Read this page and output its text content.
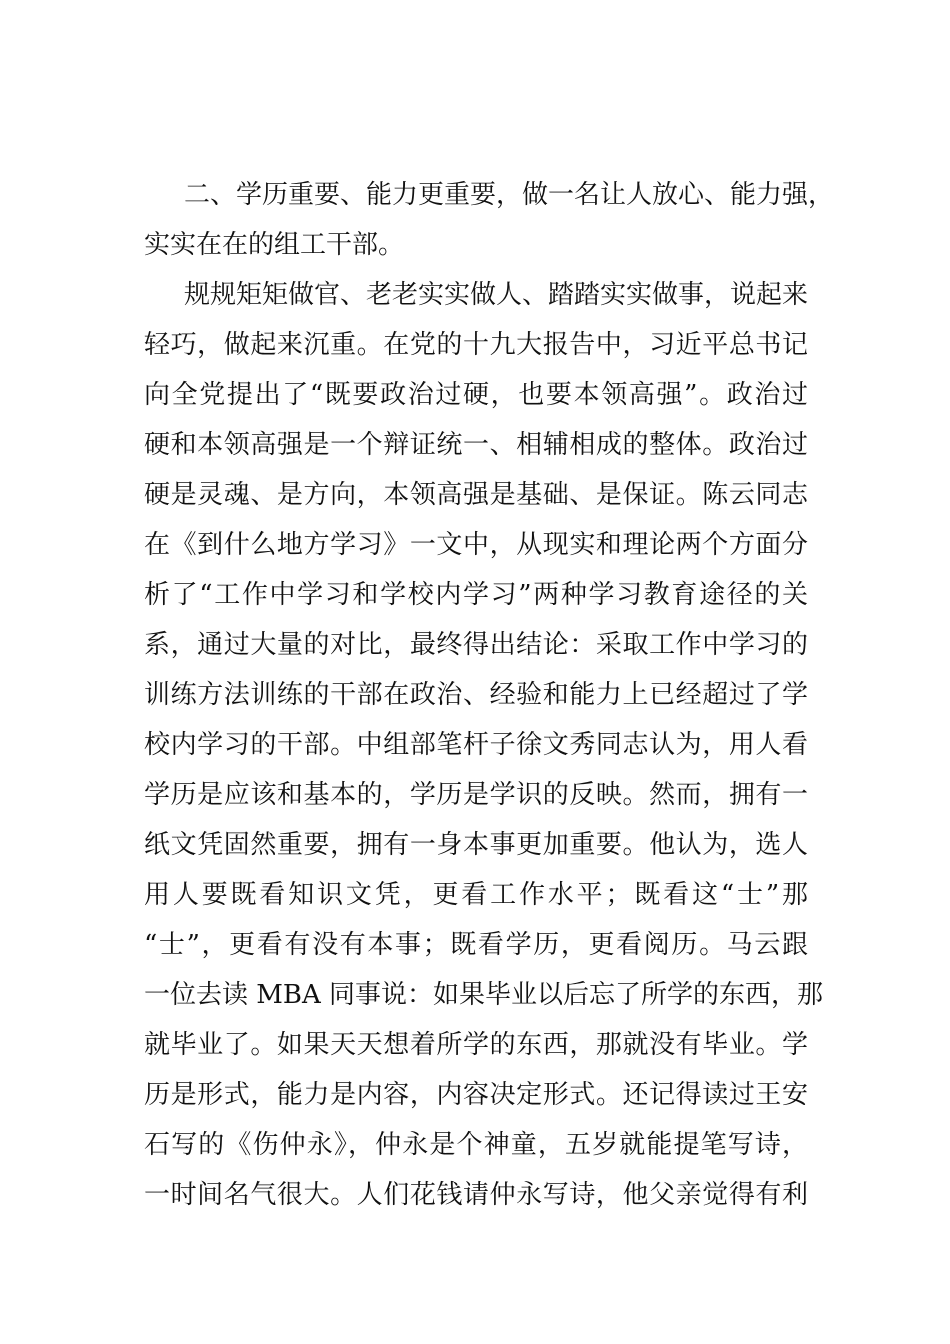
二、学历重要、能力更重要，做一名让人放心、能力强，
实实在在的组工干部。
规规矩矩做官、老老实实做人、踏踏实实做事，说起来
轻巧，做起来沉重。在党的十九大报告中，习近平总书记
向全党提出了“既要政治过硬，也要本领高强”。政治过
硬和本领高强是一个辩证统一、相辅相成的整体。政治过
硬是灵魂、是方向，本领高强是基础、是保证。陈云同志
在《到什么地方学习》一文中，从现实和理论两个方面分
析了“工作中学习和学校内学习”两种学习教育途径的关
系，通过大量的对比，最终得出结论：采取工作中学习的
训练方法训练的干部在政治、经验和能力上已经超过了学
校内学习的干部。中组部笔杆子徐文秀同志认为，用人看
学历是应该和基本的，学历是学识的反映。然而，拥有一
纸文凭固然重要，拥有一身本事更加重要。他认为，选人
用人要既看知识文凭，更看工作水平；既看这“士”那
“士”，更看有没有本事；既看学历，更看阅历。马云跟
一位去读 MBA 同事说：如果毕业以后忘了所学的东西，那
就毕业了。如果天天想着所学的东西，那就没有毕业。学
历是形式，能力是内容，内容决定形式。还记得读过王安
石写的《伤仲永》，仲永是个神童，五岁就能提笔写诗，
一时间名气很大。人们花钱请仲永写诗，他父亲觉得有利
